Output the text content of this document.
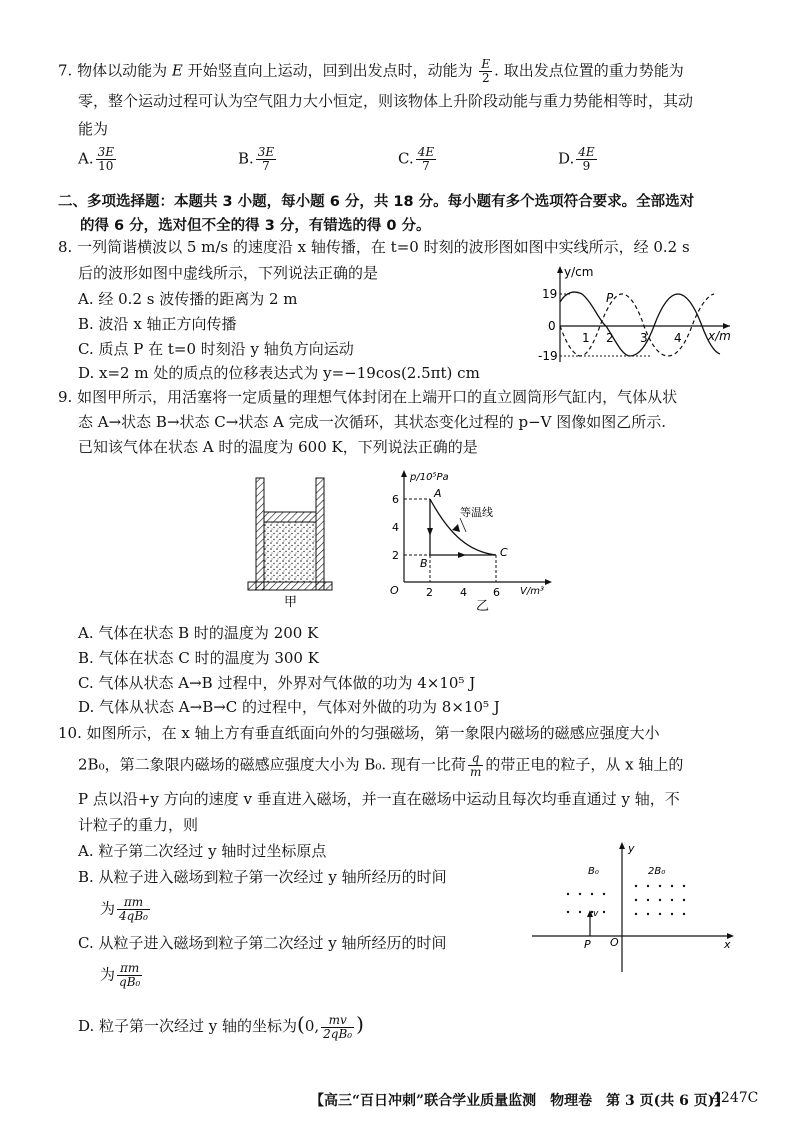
7. 物体以动能为 E 开始竖直向上运动，回到出发点时，动能为 $\frac{E}{2}$ . 取出发点位置的重力势能为
零，整个运动过程可认为空气阻力大小恒定，则该物体上升阶段动能与重力势能相等时，其动
能为
A. $\frac{3E}{10}$	B. $\frac{3E}{7}$	C. $\frac{4E}{7}$	D. $\frac{4E}{9}$
二、多项选择题：本题共 3 小题，每小题 6 分，共 18 分。每小题有多个选项符合要求。全部选对
的得 6 分，选对但不全的得 3 分，有错选的得 0 分。
8. 一列简谐横波以 5 m/s 的速度沿 x 轴传播，在 t=0 时刻的波形图如图中实线所示，经 0.2 s
后的波形如图中虚线所示，下列说法正确的是
A. 经 0.2 s 波传播的距离为 2 m
B. 波沿 x 轴正方向传播
C. 质点 P 在 t=0 时刻沿 y 轴负方向运动
D. x=2 m 处的质点的位移表达式为 y=−19cos(2.5πt) cm
y/cm
x/m
19
0
-19
P
1 2 3 4
9. 如图甲所示，用活塞将一定质量的理想气体封闭在上端开口的直立圆筒形气缸内，气体从状
态 A→状态 B→状态 C→状态 A 完成一次循环，其状态变化过程的 p−V 图像如图乙所示.
已知该气体在状态 A 时的温度为 600 K，下列说法正确的是
甲
p/10⁵Pa
V/m³
O
6
4
2
2 4 6
A
B
C
等温线
乙
A. 气体在状态 B 时的温度为 200 K
B. 气体在状态 C 时的温度为 300 K
C. 气体从状态 A→B 过程中，外界对气体做的功为 4×10⁵ J
D. 气体从状态 A→B→C 的过程中，气体对外做的功为 8×10⁵ J
10. 如图所示，在 x 轴上方有垂直纸面向外的匀强磁场，第一象限内磁场的磁感应强度大小
2B₀，第二象限内磁场的磁感应强度大小为 B₀. 现有一比荷 $\frac{q}{m}$ 的带正电的粒子，从 x 轴上的
P 点以沿+y 方向的速度 v 垂直进入磁场，并一直在磁场中运动且每次均垂直通过 y 轴，不
计粒子的重力，则
A. 粒子第二次经过 y 轴时过坐标原点
B. 从粒子进入磁场到粒子第一次经过 y 轴所经历的时间
为 $\frac{\pi m}{\text{4qB₀}}$
C. 从粒子进入磁场到粒子第二次经过 y 轴所经历的时间
为 $\frac{\pi m}{\text{qB₀}}$
D. 粒子第一次经过 y 轴的坐标为(0, $\frac{mv}{\text{2qB₀}}$ )
x
y
O
B₀	2B₀
v
P
【高三“百日冲刺”联合学业质量监测　物理卷　第 3 页(共 6 页)】
4247C
